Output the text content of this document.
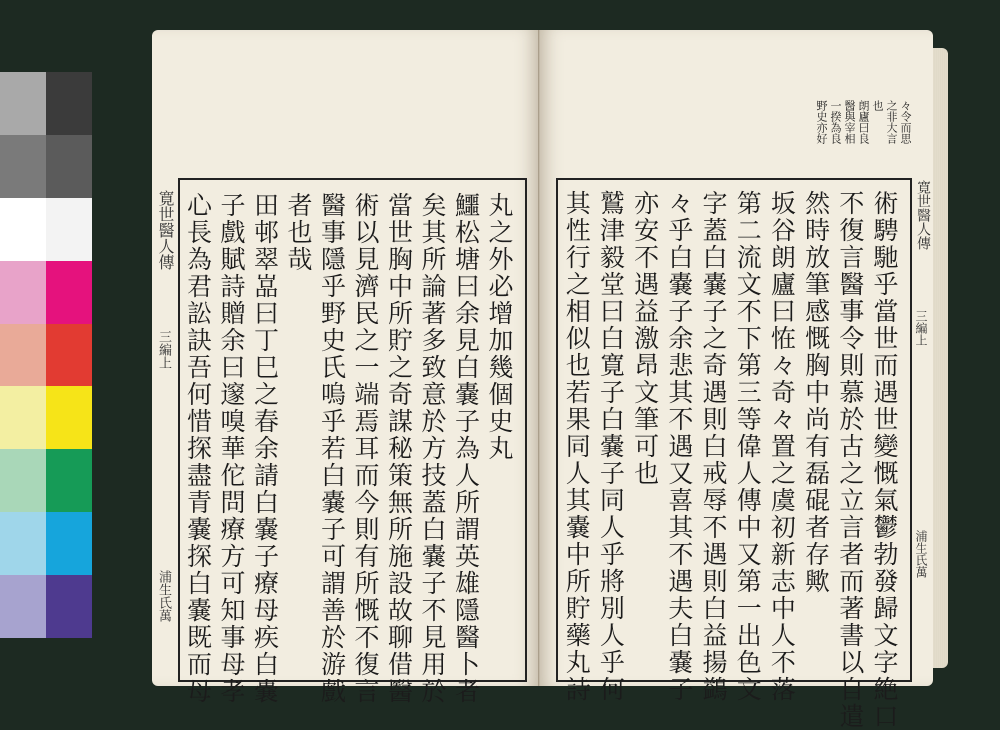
寛世醫人傳
三編上
浦生氏萬
丸之外必增加幾個史丸
鱷松塘曰余見白嚢子為人所謂英雄隱醫卜者
矣其所論著多致意於方技蓋白嚢子不見用於
當世胸中所貯之奇謀秘策無所施設故聊借醫
術以見濟民之一端焉耳而今則有所慨不復言
醫事隱乎野史氏嗚乎若白嚢子可謂善於游戲
者也哉
田邨翠嵓曰丁巳之春余請白嚢子療母疾白嚢
子戲賦詩贈余曰邃嗅華佗問療方可知事母孝
心長為君訟訣吾何惜探盡青嚢探白嚢既而母
々令而思
之非大言
也
朗廬曰良
醫與宰相
一揆為良
野史亦好
術騁馳乎當世而遇世變慨氣鬱勃發歸文字絶口
不復言醫事令則慕於古之立言者而著書以自遣
然時放筆感慨胸中尚有磊䃂者存歟
坂谷朗廬曰恠々奇々置之虞初新志中人不落
第二流文不下第三等偉人傳中又第一出色文
字蓋白嚢子之奇遇則白戒辱不遇則白益揚鷁
々乎白嚢子余悲其不遇又喜其不遇夫白嚢子
亦安不遇益激昂文筆可也
鷲津毅堂曰白寛子白嚢子同人乎將別人乎何
其性行之相似也若果同人其嚢中所貯藥丸詩	寛世醫人傳
三編上
浦生氏萬
